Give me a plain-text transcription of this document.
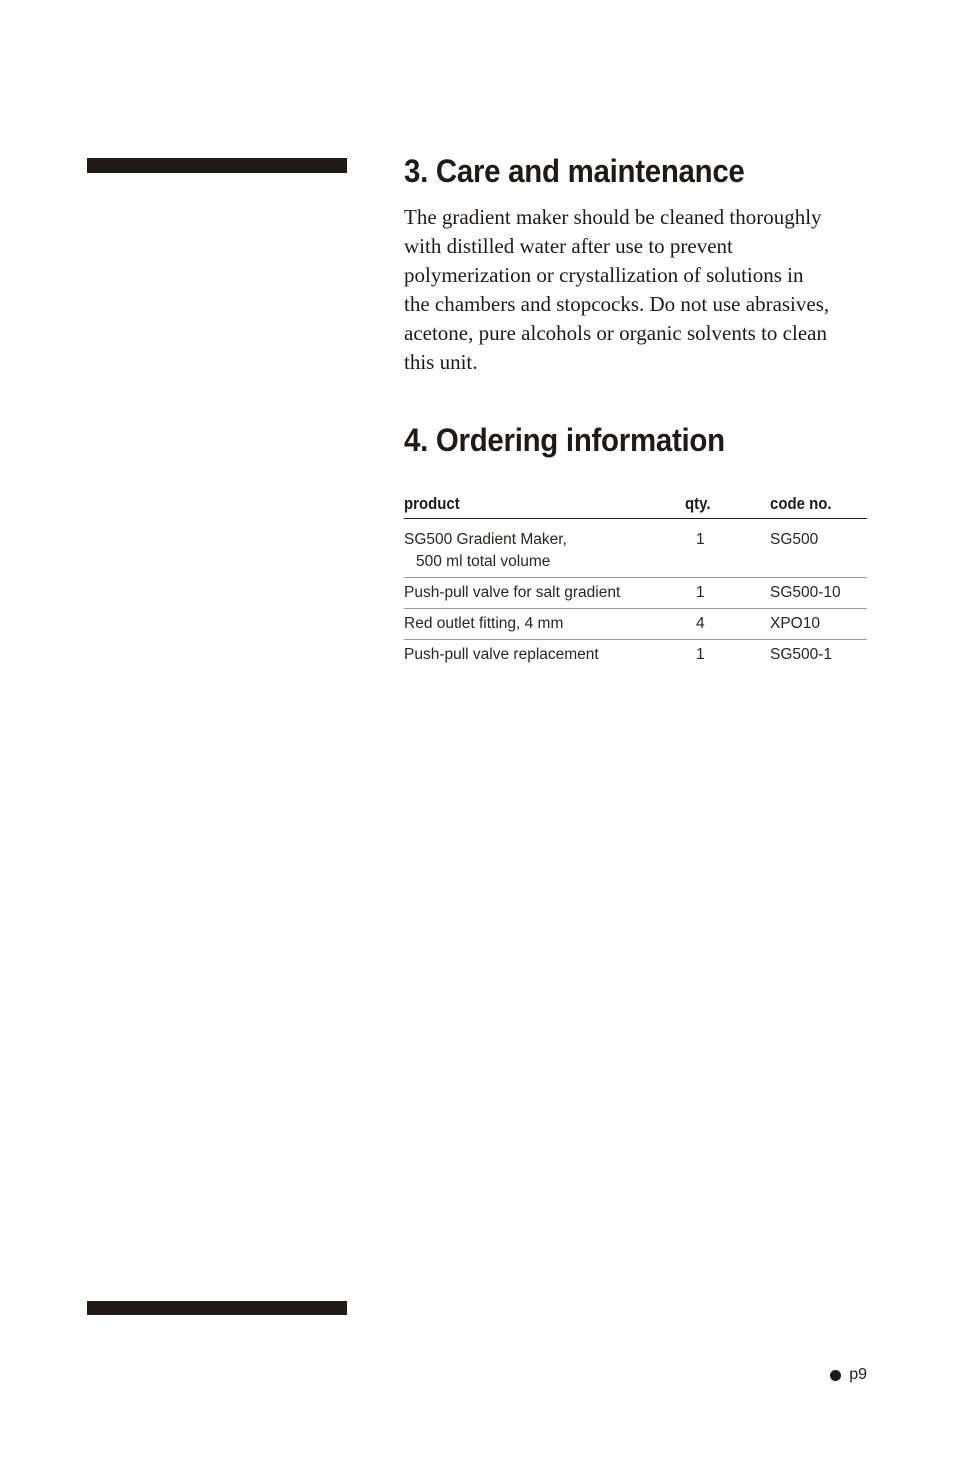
3. Care and maintenance

The gradient maker should be cleaned thoroughly with distilled water after use to prevent polymerization or crystallization of solutions in the chambers and stopcocks. Do not use abrasives, acetone, pure alcohols or organic solvents to clean this unit.

4. Ordering information
product	qty.	code no.
SG500 Gradient Maker,
500 ml total volume	1	SG500
Push-pull valve for salt gradient	1	SG500-10
Red outlet fitting, 4 mm	4	XPO10
Push-pull valve replacement	1	SG500-1
p9
